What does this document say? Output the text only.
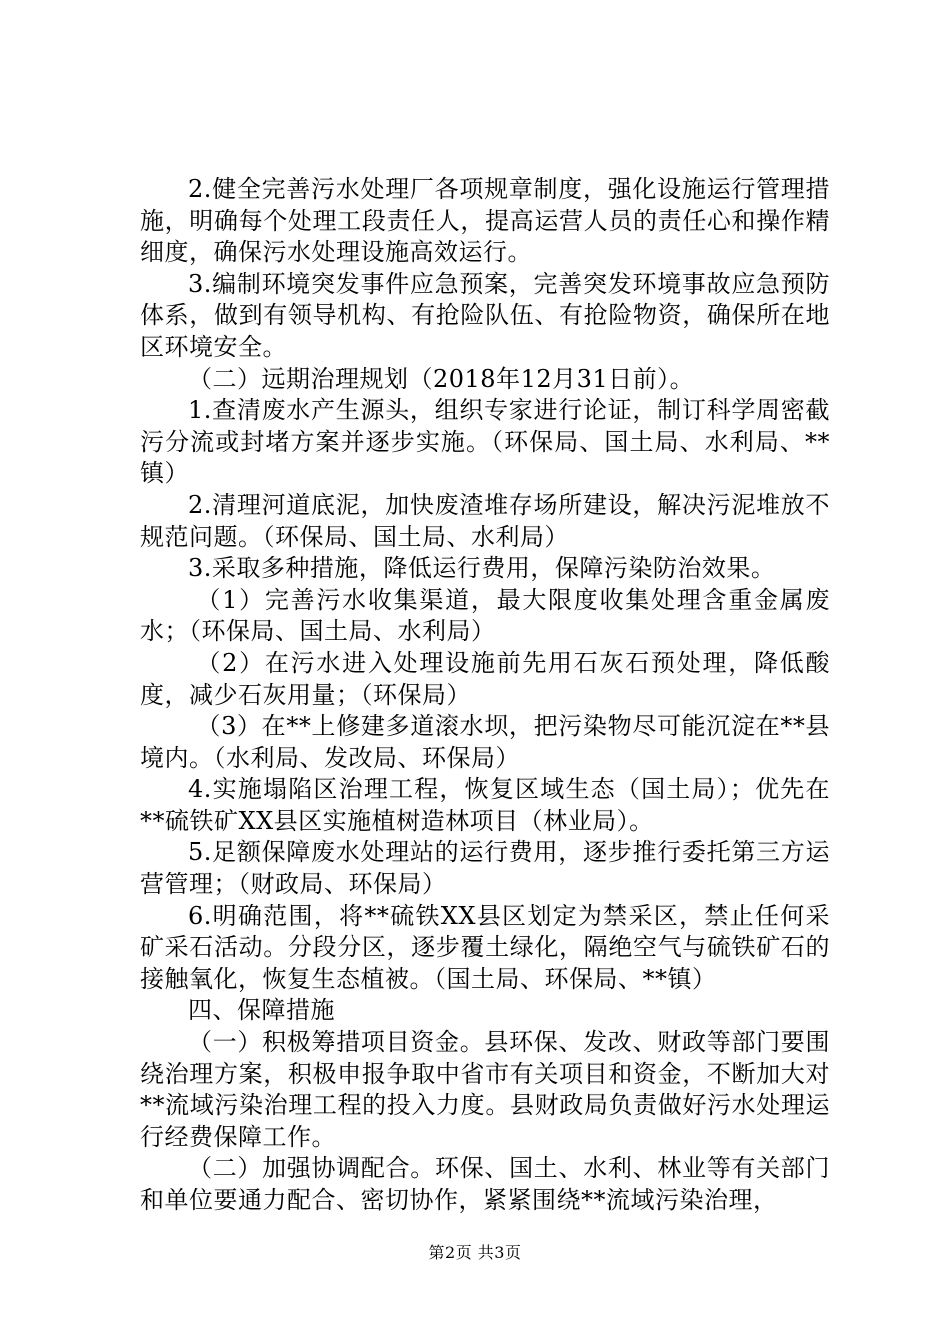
2.健全完善污水处理厂各项规章制度，强化设施运行管理措施，明确每个处理工段责任人，提高运营人员的责任心和操作精细度，确保污水处理设施高效运行。

3.编制环境突发事件应急预案，完善突发环境事故应急预防体系，做到有领导机构、有抢险队伍、有抢险物资，确保所在地区环境安全。

（二）远期治理规划（2018年12月31日前）。

1.查清废水产生源头，组织专家进行论证，制订科学周密截污分流或封堵方案并逐步实施。（环保局、国土局、水利局、**镇）

2.清理河道底泥，加快废渣堆存场所建设，解决污泥堆放不规范问题。（环保局、国土局、水利局）

3.采取多种措施，降低运行费用，保障污染防治效果。

（1）完善污水收集渠道，最大限度收集处理含重金属废水；（环保局、国土局、水利局）

（2）在污水进入处理设施前先用石灰石预处理，降低酸度，减少石灰用量；（环保局）

（3）在**上修建多道滚水坝，把污染物尽可能沉淀在**县境内。（水利局、发改局、环保局）

4.实施塌陷区治理工程，恢复区域生态（国土局）；优先在**硫铁矿XX县区实施植树造林项目（林业局）。

5.足额保障废水处理站的运行费用，逐步推行委托第三方运营管理；（财政局、环保局）

6.明确范围，将**硫铁XX县区划定为禁采区，禁止任何采矿采石活动。分段分区，逐步覆土绿化，隔绝空气与硫铁矿石的接触氧化，恢复生态植被。（国土局、环保局、**镇）

四、保障措施

（一）积极筹措项目资金。县环保、发改、财政等部门要围绕治理方案，积极申报争取中省市有关项目和资金，不断加大对**流域污染治理工程的投入力度。县财政局负责做好污水处理运行经费保障工作。

（二）加强协调配合。环保、国土、水利、林业等有关部门和单位要通力配合、密切协作，紧紧围绕**流域污染治理，

第2页 共3页
